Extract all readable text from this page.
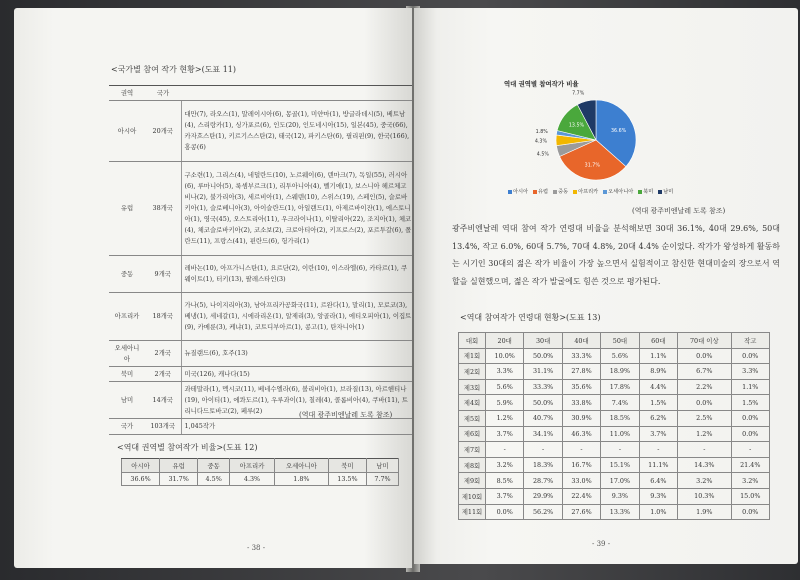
<국가별 참여 작가 현황>(도표 11)
권역	국가	
아시아	20개국	대만(7), 라오스(1), 말레이시아(6), 몽골(1), 미얀마(1), 방글라데시(5), 베트남(4), 스리랑카(1), 싱가포르(6), 인도(20), 인도네시아(15), 일본(45), 중국(66), 카자흐스탄(1), 키르기스스탄(2), 태국(12), 파키스탄(6), 필리핀(9), 한국(166), 홍콩(6)
유럽	38개국	구소련(1), 그리스(4), 네덜란드(10), 노르웨이(6), 덴마크(7), 독일(55), 러시아(6), 루마니아(5), 룩셈부르크(1), 리투아니아(4), 벨기에(1), 보스니아 헤르체고비나(2), 불가리아(3), 세르비아(1), 스웨덴(10), 스위스(19), 스페인(5), 슬로바키아(1), 슬로베니아(3), 아이슬란드(1), 아일랜드(1), 아제르바이잔(1), 에스토니아(1), 영국(45), 오스트리아(11), 우크라이나(1), 이탈리아(22), 조지아(1), 체코(4), 체코슬로바키아(2), 코소보(2), 크로아티아(2), 키프로스(2), 포르투갈(6), 폴란드(11), 프랑스(41), 핀란드(6), 헝가리(1)
중동	9개국	레바논(10), 아프가니스탄(1), 요르단(2), 이란(10), 이스라엘(6), 카타르(1), 쿠웨이트(1), 터키(13), 팔레스타인(3)
아프리카	18개국	가나(5), 나이지리아(3), 남아프리카공화국(11), 르완다(1), 말리(1), 모로코(3), 베냉(1), 세네갈(1), 시에라리온(1), 알제리(3), 앙골라(1), 에티오피아(1), 이집트(9), 카메룬(3), 케냐(1), 코트디부아르(1), 콩고(1), 탄자니아(1)
오세아니아	2개국	뉴질랜드(6), 호주(13)
북미	2개국	미국(126), 캐나다(15)
남미	14개국	과테말라(1), 멕시코(11), 베네수엘라(6), 볼리비아(1), 브라질(13), 아르헨티나(19), 아이티(1), 에콰도르(1), 우루과이(1), 칠레(4), 콜롬비아(4), 쿠바(11), 트리니다드토바고(2), 페루(2)
국가	103개국	1,045작가
(역대 광주비엔날레 도록 참조)
<역대 권역별 참여작가 비율>(도표 12)
아시아	유럽	중동	아프리카	오세아니아	북미	남미
36.6%	31.7%	4.5%	4.3%	1.8%	13.5%	7.7%
- 38 -
역대 권역별 참여작가 비율
36.6%
31.7%
4.5%
4.3%
1.8%
13.5%
7.7%
아시아	유럽	중동	아프리카	오세아니아	북미	남미
(역대 광주비엔날레 도록 참조)
광주비엔날레 역대 참여 작가 연령대 비율을 분석해보면 30대 36.1%, 40대 29.6%, 50대 13.4%, 작고 6.0%, 60대 5.7%, 70대 4.8%, 20대 4.4% 순이었다. 작가가 왕성하게 활동하는 시기인 30대의 젊은 작가 비율이 가장 높으면서 실험적이고 참신한 현대미술의 장으로서 역할을 실현했으며, 젊은 작가 발굴에도 힘쓴 것으로 평가된다.
<역대 참여작가 연령대 현황>(도표 13)
대회	20대	30대	40대	50대	60대	70대 이상	작고
제1회	10.0%	50.0%	33.3%	5.6%	1.1%	0.0%	0.0%
제2회	3.3%	31.1%	27.8%	18.9%	8.9%	6.7%	3.3%
제3회	5.6%	33.3%	35.6%	17.8%	4.4%	2.2%	1.1%
제4회	5.9%	50.0%	33.8%	7.4%	1.5%	0.0%	1.5%
제5회	1.2%	40.7%	30.9%	18.5%	6.2%	2.5%	0.0%
제6회	3.7%	34.1%	46.3%	11.0%	3.7%	1.2%	0.0%
제7회	-	-	-	-	-	-	-
제8회	3.2%	18.3%	16.7%	15.1%	11.1%	14.3%	21.4%
제9회	8.5%	28.7%	33.0%	17.0%	6.4%	3.2%	3.2%
제10회	3.7%	29.9%	22.4%	9.3%	9.3%	10.3%	15.0%
제11회	0.0%	56.2%	27.6%	13.3%	1.0%	1.9%	0.0%
- 39 -
